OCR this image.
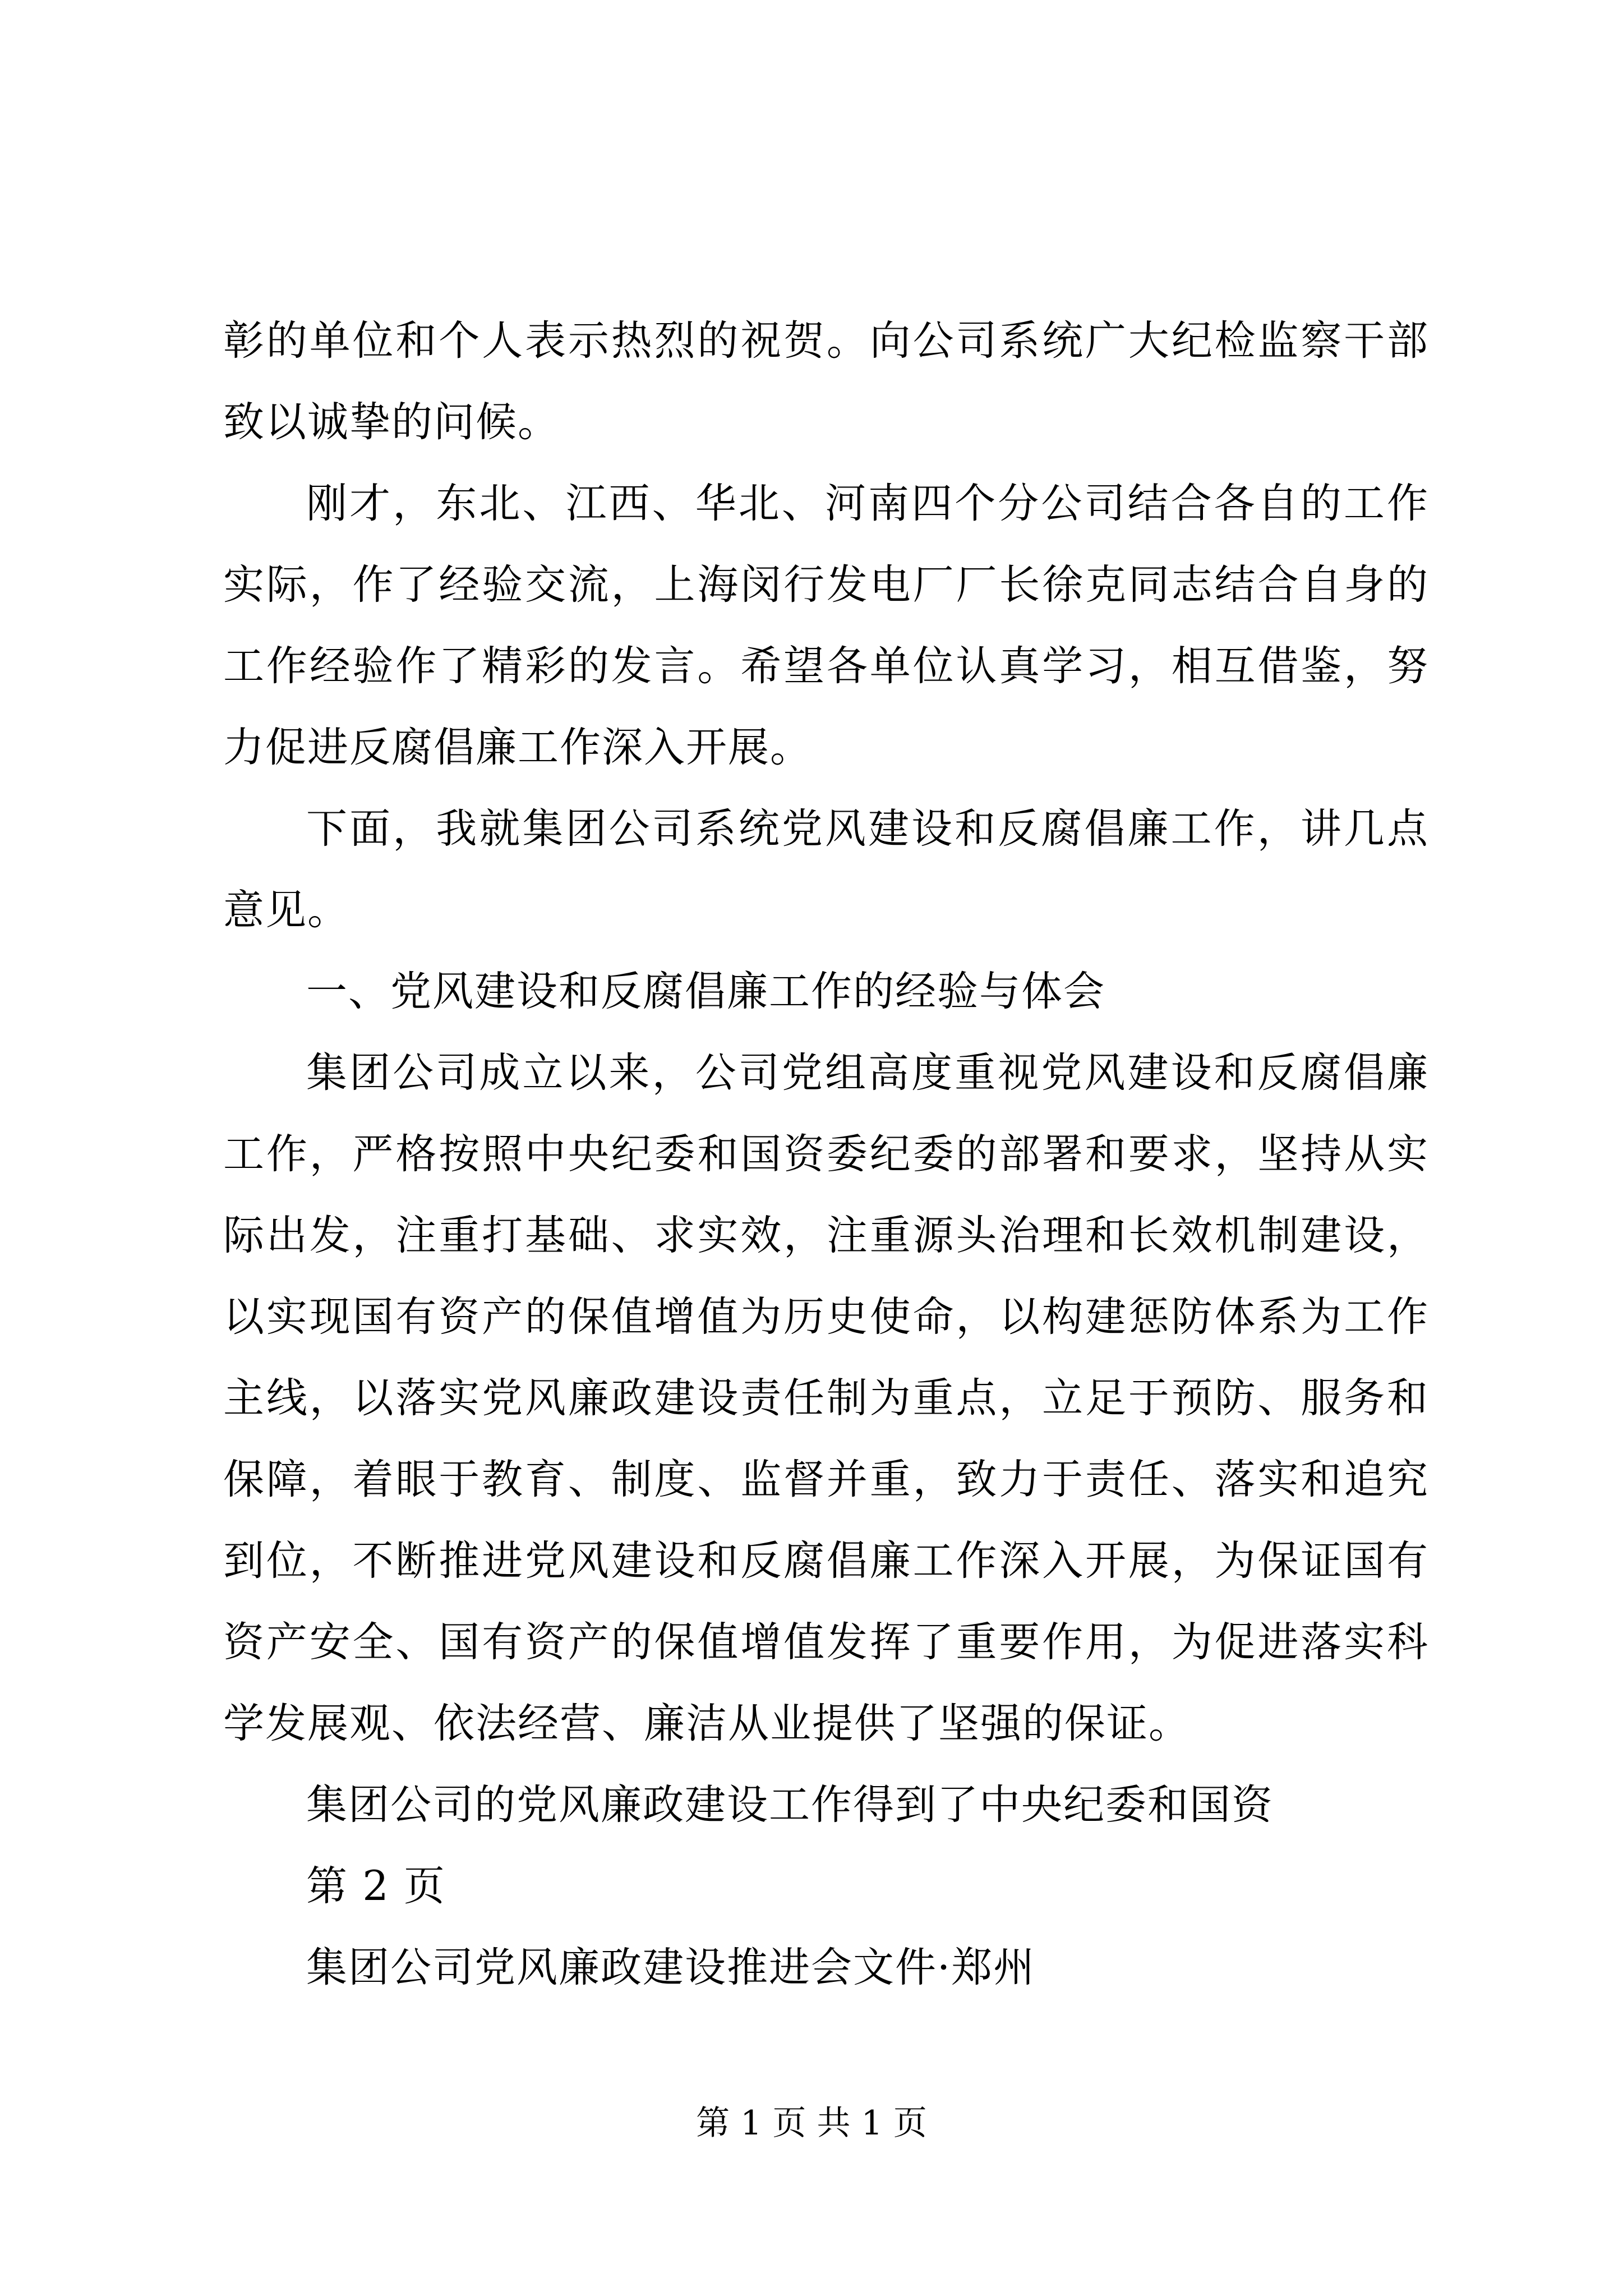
彰的单位和个人表示热烈的祝贺。向公司系统广大纪检监察干部致以诚挚的问候。

刚才，东北、江西、华北、河南四个分公司结合各自的工作实际，作了经验交流，上海闵行发电厂厂长徐克同志结合自身的工作经验作了精彩的发言。希望各单位认真学习，相互借鉴，努力促进反腐倡廉工作深入开展。

下面，我就集团公司系统党风建设和反腐倡廉工作，讲几点意见。

一、党风建设和反腐倡廉工作的经验与体会

集团公司成立以来，公司党组高度重视党风建设和反腐倡廉工作，严格按照中央纪委和国资委纪委的部署和要求，坚持从实际出发，注重打基础、求实效，注重源头治理和长效机制建设，以实现国有资产的保值增值为历史使命，以构建惩防体系为工作主线，以落实党风廉政建设责任制为重点，立足于预防、服务和保障，着眼于教育、制度、监督并重，致力于责任、落实和追究到位，不断推进党风建设和反腐倡廉工作深入开展，为保证国有资产安全、国有资产的保值增值发挥了重要作用，为促进落实科学发展观、依法经营、廉洁从业提供了坚强的保证。

集团公司的党风廉政建设工作得到了中央纪委和国资

第 2 页

集团公司党风廉政建设推进会文件·郑州

第 1 页 共 1 页
